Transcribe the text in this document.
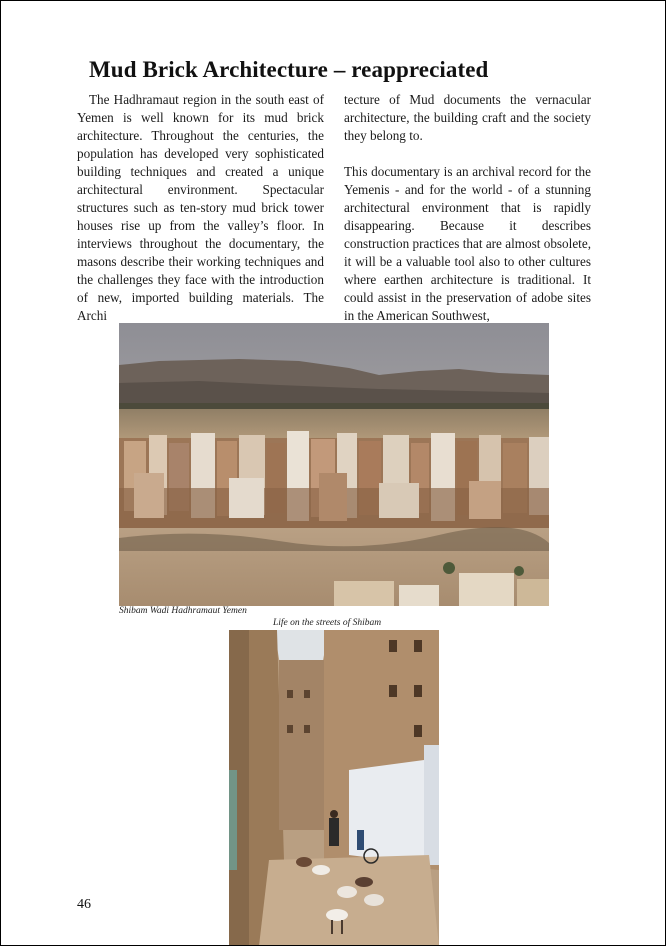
Mud Brick Architecture – reappreciated

The Hadhramaut region in the south east of Yemen is well known for its mud brick architecture. Throughout the centuries, the population has developed very sophisticated building techniques and created a unique architectural environment. Spectacular structures such as ten-story mud brick tower houses rise up from the valley’s floor. In interviews throughout the documentary, the masons describe their working techniques and the challenges they face with the introduction of new, imported building materials. The Archi

tecture of Mud documents the vernacular architecture, the building craft and the society they belong to.

This documentary is an archival record for the Yemenis - and for the world - of a stunning architectural environment that is rapidly disappearing. Because it describes construction practices that are almost obsolete, it will be a valuable tool also to other cultures where earthen architecture is traditional. It could assist in the preservation of adobe sites in the American Southwest,

Shibam Wadi Hadhramaut Yemen

Life on the streets of Shibam

46
